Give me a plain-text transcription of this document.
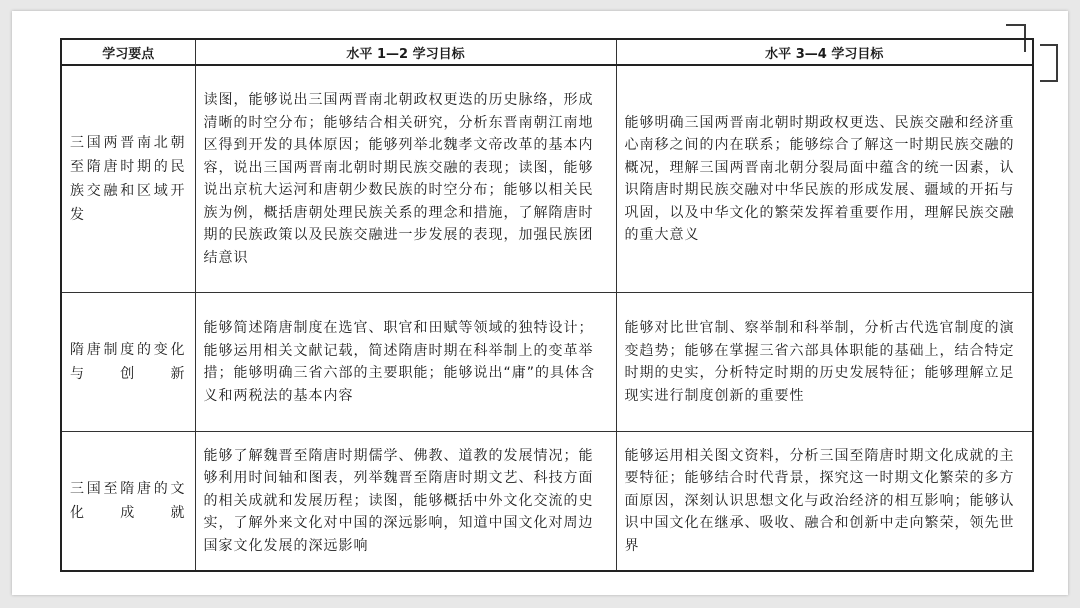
学习要点	水平 1—2 学习目标	水平 3—4 学习目标
三国两晋南北朝至隋唐时期的民族交融和区域开发	读图，能够说出三国两晋南北朝政权更迭的历史脉络，形成清晰的时空分布；能够结合相关研究，分析东晋南朝江南地区得到开发的具体原因；能够列举北魏孝文帝改革的基本内容，说出三国两晋南北朝时期民族交融的表现；读图，能够说出京杭大运河和唐朝少数民族的时空分布；能够以相关民族为例，概括唐朝处理民族关系的理念和措施，了解隋唐时期的民族政策以及民族交融进一步发展的表现，加强民族团结意识	能够明确三国两晋南北朝时期政权更迭、民族交融和经济重心南移之间的内在联系；能够综合了解这一时期民族交融的概况，理解三国两晋南北朝分裂局面中蕴含的统一因素，认识隋唐时期民族交融对中华民族的形成发展、疆域的开拓与巩固，以及中华文化的繁荣发挥着重要作用，理解民族交融的重大意义
隋唐制度的变化与创新	能够简述隋唐制度在选官、职官和田赋等领域的独特设计；能够运用相关文献记载，简述隋唐时期在科举制上的变革举措；能够明确三省六部的主要职能；能够说出“庸”的具体含义和两税法的基本内容	能够对比世官制、察举制和科举制，分析古代选官制度的演变趋势；能够在掌握三省六部具体职能的基础上，结合特定时期的史实，分析特定时期的历史发展特征；能够理解立足现实进行制度创新的重要性
三国至隋唐的文化成就	能够了解魏晋至隋唐时期儒学、佛教、道教的发展情况；能够利用时间轴和图表，列举魏晋至隋唐时期文艺、科技方面的相关成就和发展历程；读图，能够概括中外文化交流的史实，了解外来文化对中国的深远影响，知道中国文化对周边国家文化发展的深远影响	能够运用相关图文资料，分析三国至隋唐时期文化成就的主要特征；能够结合时代背景，探究这一时期文化繁荣的多方面原因，深刻认识思想文化与政治经济的相互影响；能够认识中国文化在继承、吸收、融合和创新中走向繁荣，领先世界
